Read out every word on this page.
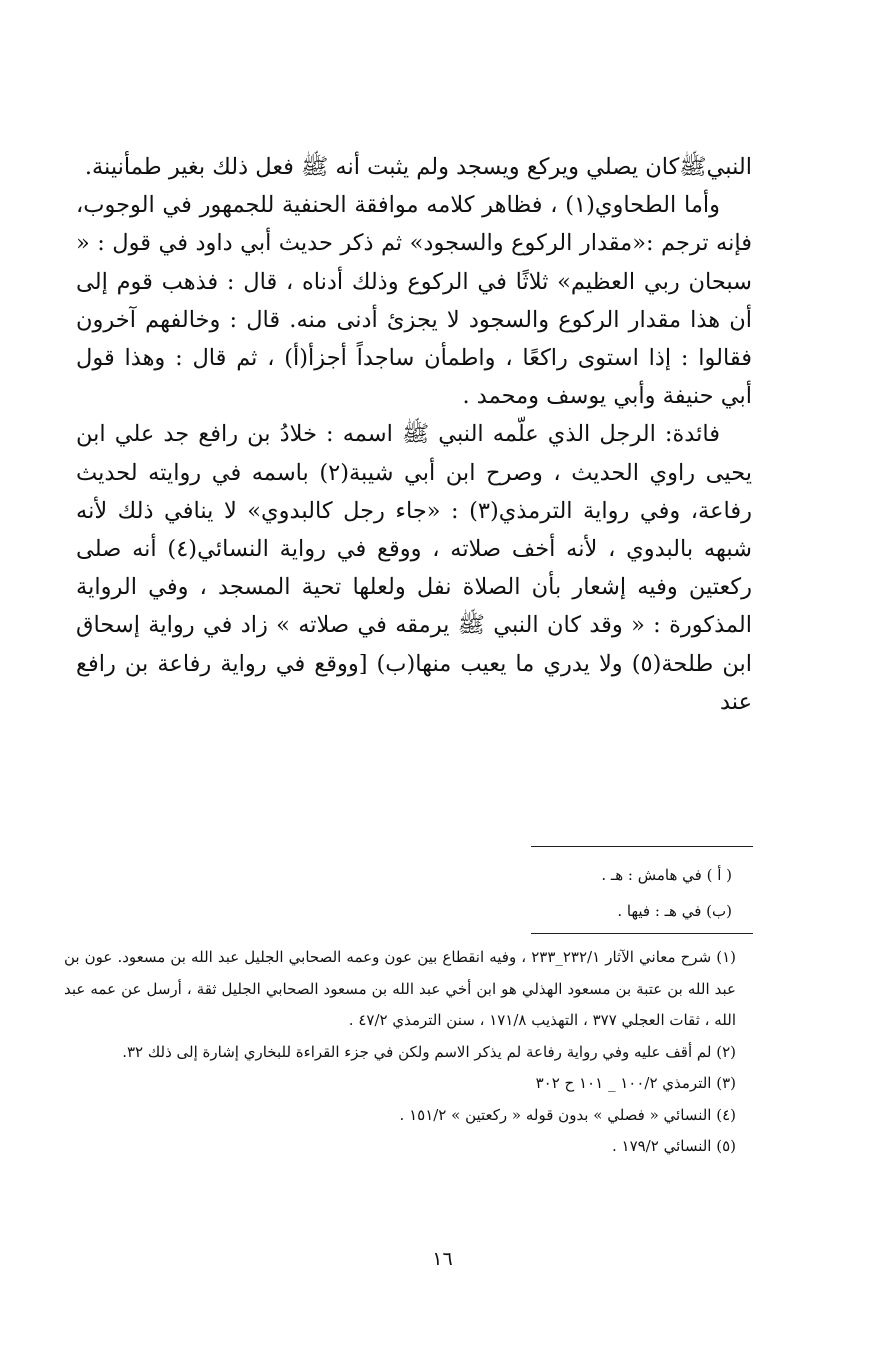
النبيﷺكان يصلي ويركع ويسجد ولم يثبت أنه ﷺ فعل ذلك بغير طمأنينة.

وأما الطحاوي(١) ، فظاهر كلامه موافقة الحنفية للجمهور في الوجوب، فإنه ترجم :«مقدار الركوع والسجود» ثم ذكر حديث أبي داود في قول : « سبحان ربي العظيم» ثلاثًا في الركوع وذلك أدناه ، قال : فذهب قوم إلى أن هذا مقدار الركوع والسجود لا يجزئ أدنى منه. قال : وخالفهم آخرون فقالوا : إذا استوى راكعًا ، واطمأن ساجداً أجزأ(أ) ، ثم قال : وهذا قول أبي حنيفة وأبي يوسف ومحمد .

فائدة: الرجل الذي علّمه النبي ﷺ اسمه : خلادُ بن رافع جد علي ابن يحيى راوي الحديث ، وصرح ابن أبي شيبة(٢) باسمه في روايته لحديث رفاعة، وفي رواية الترمذي(٣) : «جاء رجل كالبدوي» لا ينافي ذلك لأنه شبهه بالبدوي ، لأنه أخف صلاته ، ووقع في رواية النسائي(٤) أنه صلى ركعتين وفيه إشعار بأن الصلاة نفل ولعلها تحية المسجد ، وفي الرواية المذكورة : « وقد كان النبي ﷺ يرمقه في صلاته » زاد في رواية إسحاق ابن طلحة(٥) ولا يدري ما يعيب منها(ب) [ووقع في رواية رفاعة بن رافع عند

( أ ) في هامش : هـ .

(ب) في هـ : فيها .

(١) شرح معاني الآثار ٢٣٢/١_٢٣٣ ، وفيه انقطاع بين عون وعمه الصحابي الجليل عبد الله بن مسعود. عون بن عبد الله بن عتبة بن مسعود الهذلي هو ابن أخي عبد الله بن مسعود الصحابي الجليل ثقة ، أرسل عن عمه عبد الله ، ثقات العجلي ٣٧٧ ، التهذيب ١٧١/٨ ، سنن الترمذي ٤٧/٢ .

(٢) لم أقف عليه وفي رواية رفاعة لم يذكر الاسم ولكن في جزء القراءة للبخاري إشارة إلى ذلك ٣٢.

(٣) الترمذي ١٠٠/٢ _ ١٠١ ح ٣٠٢

(٤) النسائي « فصلي » بدون قوله « ركعتين » ١٥١/٢ .

(٥) النسائي ١٧٩/٢ .

١٦
